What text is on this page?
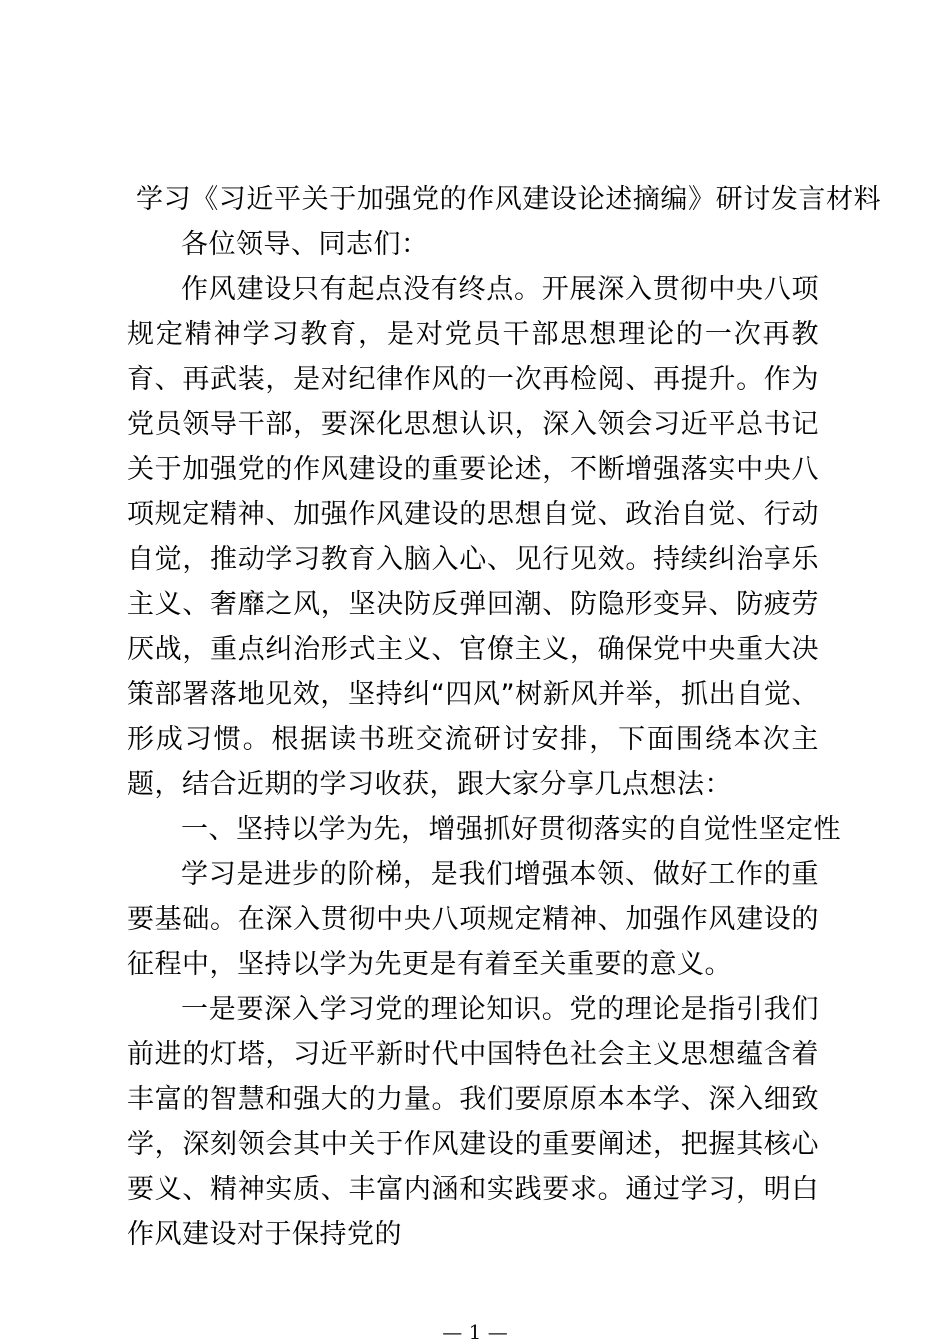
学习《习近平关于加强党的作风建设论述摘编》研讨发言材料

各位领导、同志们：

作风建设只有起点没有终点。开展深入贯彻中央八项规定精神学习教育，是对党员干部思想理论的一次再教育、再武装，是对纪律作风的一次再检阅、再提升。作为党员领导干部，要深化思想认识，深入领会习近平总书记关于加强党的作风建设的重要论述，不断增强落实中央八项规定精神、加强作风建设的思想自觉、政治自觉、行动自觉，推动学习教育入脑入心、见行见效。持续纠治享乐主义、奢靡之风，坚决防反弹回潮、防隐形变异、防疲劳厌战，重点纠治形式主义、官僚主义，确保党中央重大决策部署落地见效，坚持纠“四风”树新风并举，抓出自觉、形成习惯。根据读书班交流研讨安排，下面围绕本次主题，结合近期的学习收获，跟大家分享几点想法：

一、坚持以学为先，增强抓好贯彻落实的自觉性坚定性

学习是进步的阶梯，是我们增强本领、做好工作的重要基础。在深入贯彻中央八项规定精神、加强作风建设的征程中，坚持以学为先更是有着至关重要的意义。

一是要深入学习党的理论知识。党的理论是指引我们前进的灯塔，习近平新时代中国特色社会主义思想蕴含着丰富的智慧和强大的力量。我们要原原本本学、深入细致学，深刻领会其中关于作风建设的重要阐述，把握其核心要义、精神实质、丰富内涵和实践要求。通过学习，明白作风建设对于保持党的

— 1 —
